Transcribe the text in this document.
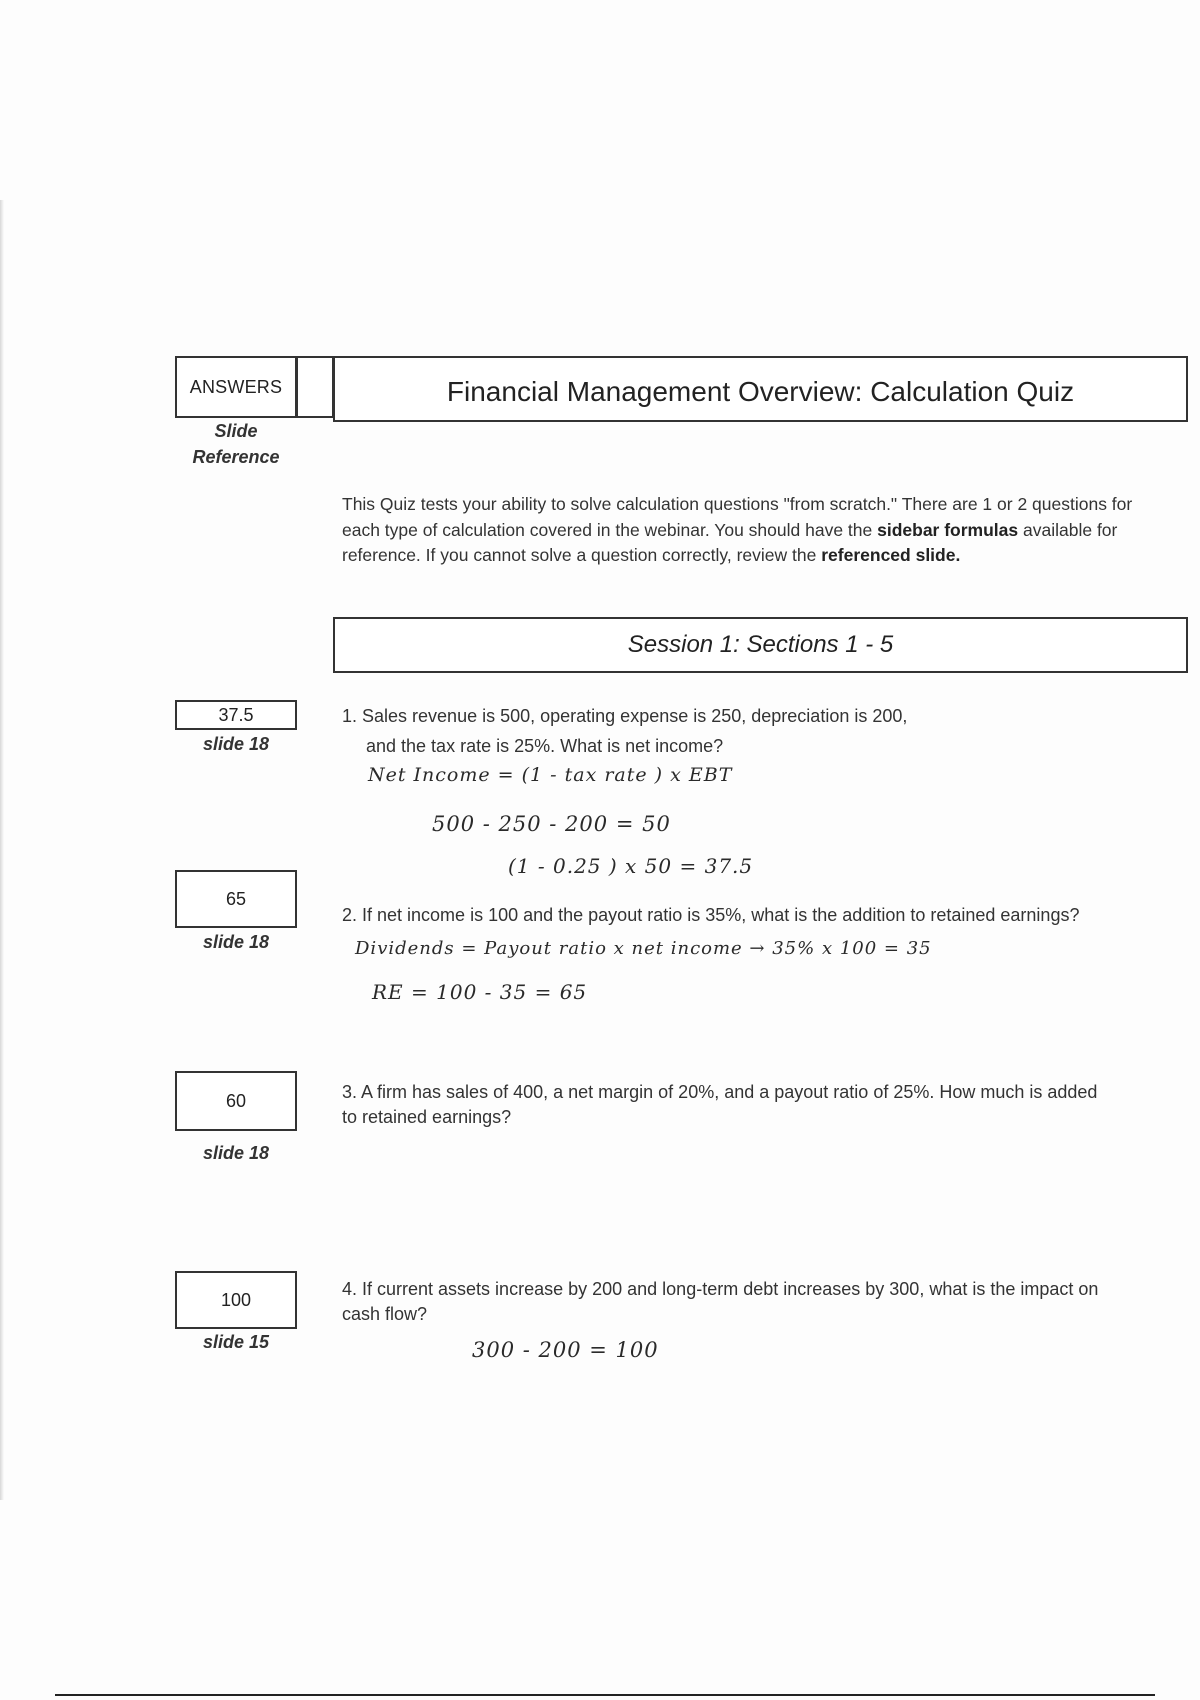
ANSWERS	Financial Management Overview: Calculation Quiz
Slide
Reference
This Quiz tests your ability to solve calculation questions "from scratch." There are 1 or 2 questions for each type of calculation covered in the webinar. You should have the sidebar formulas available for reference. If you cannot solve a question correctly, review the referenced slide.
Session 1: Sections 1 - 5
37.5
slide 18
1. Sales revenue is 500, operating expense is 250, depreciation is 200,
and the tax rate is 25%. What is net income?
Net Income = (1 - tax rate ) x EBT
500 - 250 - 200 = 50
(1 - 0.25 ) x 50 = 37.5
65
slide 18
2. If net income is 100 and the payout ratio is 35%, what is the addition to retained earnings?
Dividends = Payout ratio x net income → 35% x 100 = 35
RE = 100 - 35 = 65
60
slide 18
3. A firm has sales of 400, a net margin of 20%, and a payout ratio of 25%. How much is added
to retained earnings?
100
slide 15
4. If current assets increase by 200 and long-term debt increases by 300, what is the impact on
cash flow?
300 - 200 = 100
